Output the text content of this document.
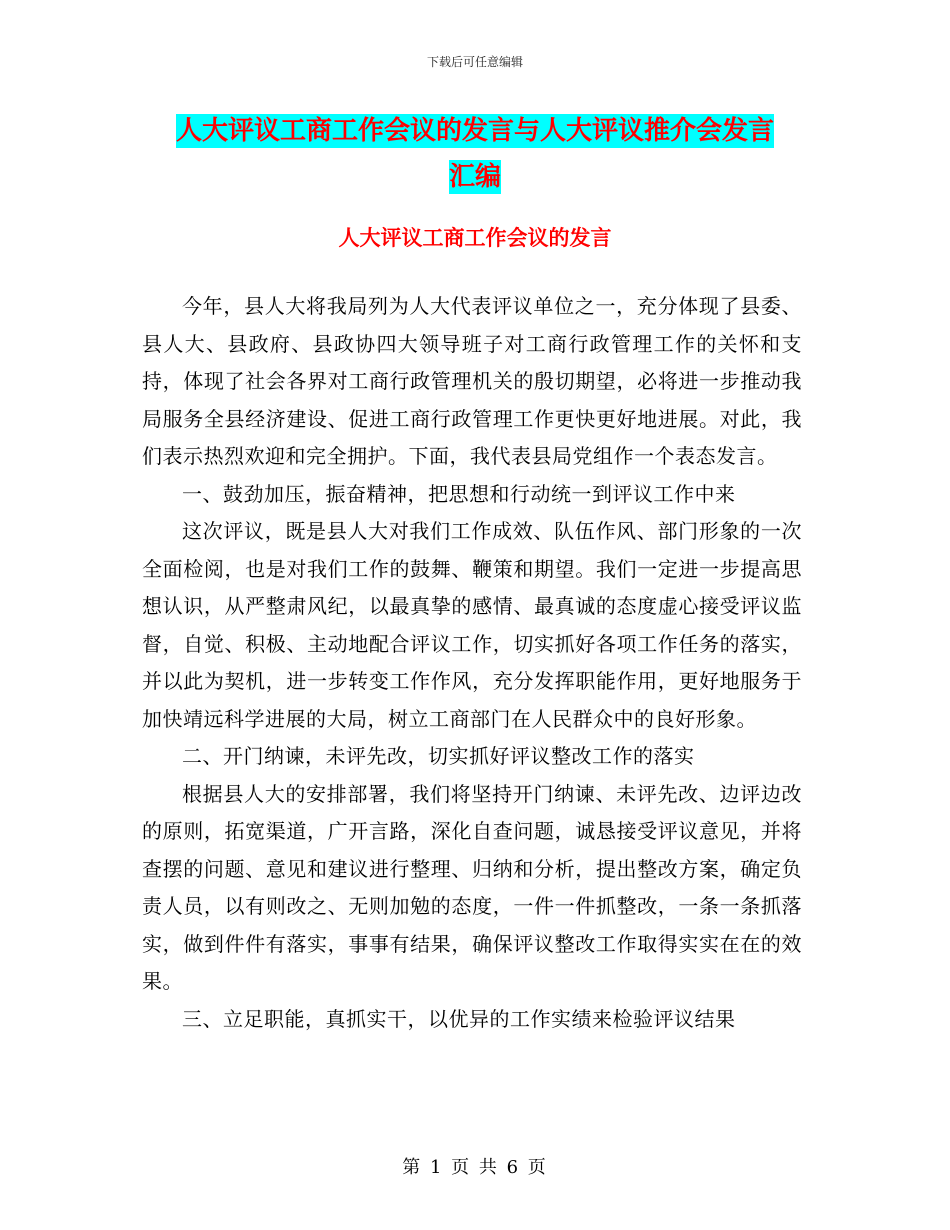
下载后可任意编辑
人大评议工商工作会议的发言与人大评议推介会发言
汇编
人大评议工商工作会议的发言

今年，县人大将我局列为人大代表评议单位之一，充分体现了县委、县人大、县政府、县政协四大领导班子对工商行政管理工作的关怀和支持，体现了社会各界对工商行政管理机关的殷切期望，必将进一步推动我局服务全县经济建设、促进工商行政管理工作更快更好地进展。对此，我们表示热烈欢迎和完全拥护。下面，我代表县局党组作一个表态发言。

一、鼓劲加压，振奋精神，把思想和行动统一到评议工作中来

这次评议，既是县人大对我们工作成效、队伍作风、部门形象的一次全面检阅，也是对我们工作的鼓舞、鞭策和期望。我们一定进一步提高思想认识，从严整肃风纪，以最真挚的感情、最真诚的态度虚心接受评议监督，自觉、积极、主动地配合评议工作，切实抓好各项工作任务的落实，并以此为契机，进一步转变工作作风，充分发挥职能作用，更好地服务于加快靖远科学进展的大局，树立工商部门在人民群众中的良好形象。

二、开门纳谏，未评先改，切实抓好评议整改工作的落实

根据县人大的安排部署，我们将坚持开门纳谏、未评先改、边评边改的原则，拓宽渠道，广开言路，深化自查问题，诚恳接受评议意见，并将查摆的问题、意见和建议进行整理、归纳和分析，提出整改方案，确定负责人员，以有则改之、无则加勉的态度，一件一件抓整改，一条一条抓落实，做到件件有落实，事事有结果，确保评议整改工作取得实实在在的效果。

三、立足职能，真抓实干，以优异的工作实绩来检验评议结果

第 1 页 共 6 页
